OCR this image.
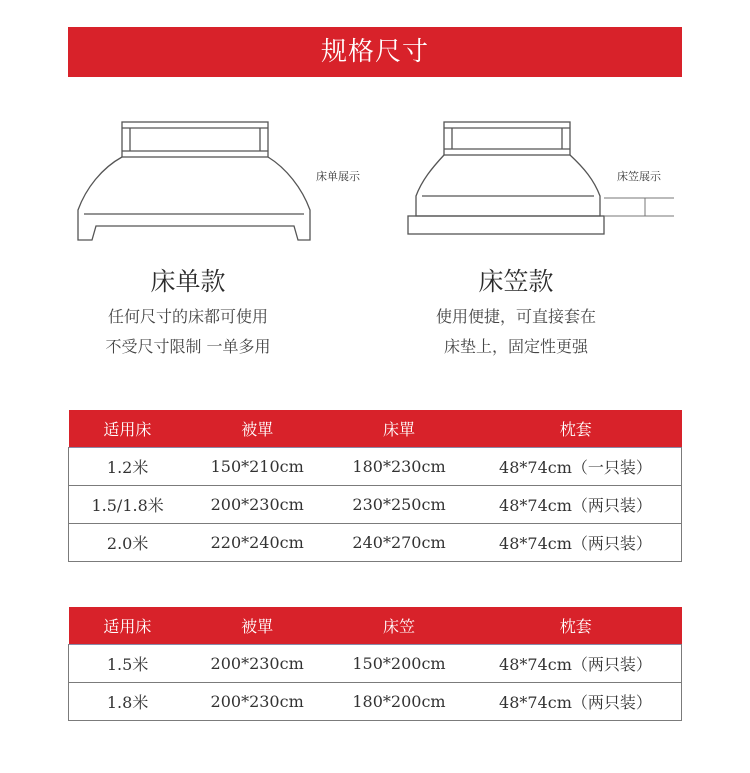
规格尺寸
床单展示	床笠展示
床单款
任何尺寸的床都可使用
不受尺寸限制 一单多用
床笠款
使用便捷，可直接套在
床垫上，固定性更强
适用床	被單	床單	枕套
1.2米	150*210cm	180*230cm	48*74cm（一只装）
1.5/1.8米	200*230cm	230*250cm	48*74cm（两只装）
2.0米	220*240cm	240*270cm	48*74cm（两只装）
适用床	被單	床笠	枕套
1.5米	200*230cm	150*200cm	48*74cm（两只装）
1.8米	200*230cm	180*200cm	48*74cm（两只装）
